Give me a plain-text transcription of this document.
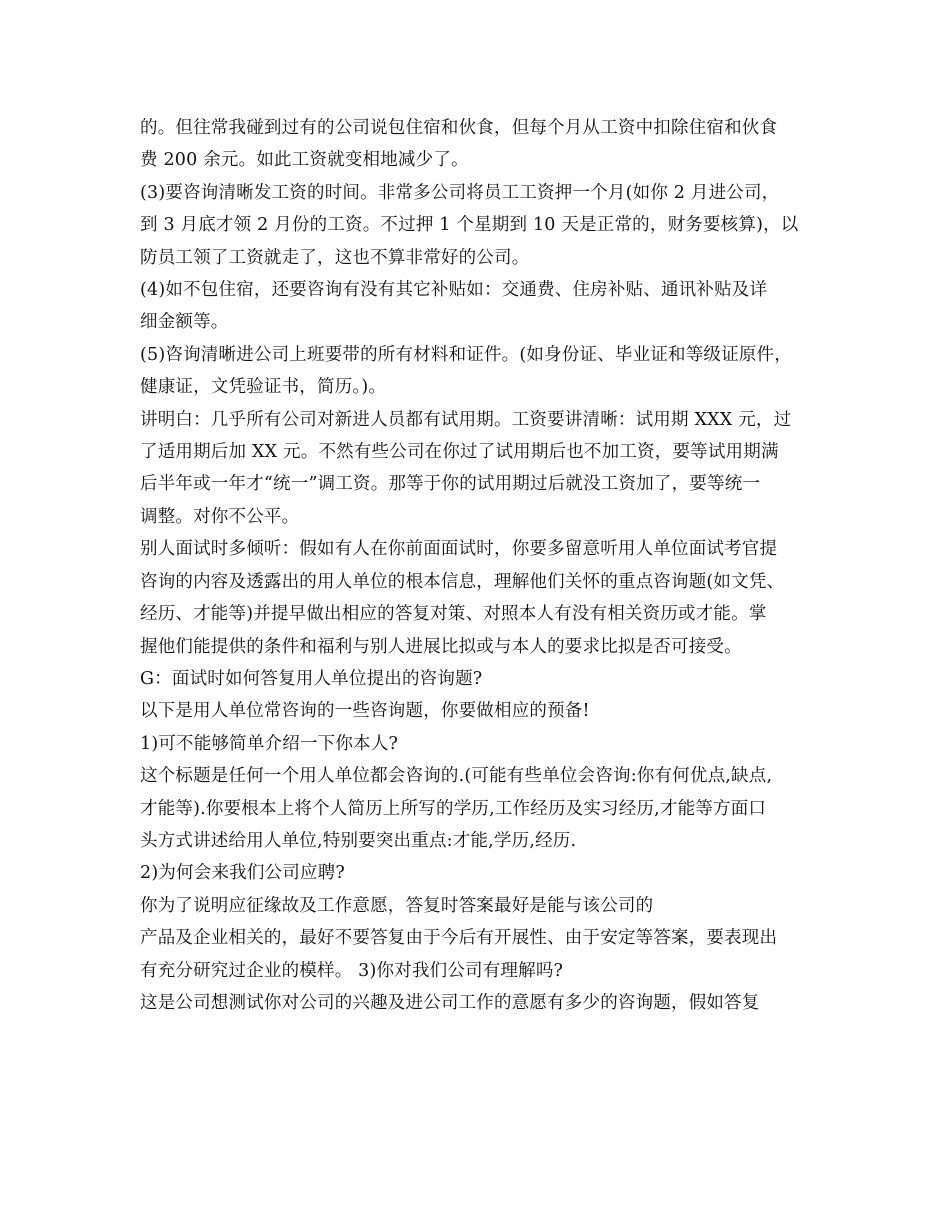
的。但往常我碰到过有的公司说包住宿和伙食，但每个月从工资中扣除住宿和伙食
费 200 余元。如此工资就变相地减少了。
(3)要咨询清晰发工资的时间。非常多公司将员工工资押一个月(如你 2 月进公司，
到 3 月底才领 2 月份的工资。不过押 1 个星期到 10 天是正常的，财务要核算)，以
防员工领了工资就走了，这也不算非常好的公司。
(4)如不包住宿，还要咨询有没有其它补贴如：交通费、住房补贴、通讯补贴及详
细金额等。
(5)咨询清晰进公司上班要带的所有材料和证件。(如身份证、毕业证和等级证原件，
健康证，文凭验证书，简历。)。
讲明白：几乎所有公司对新进人员都有试用期。工资要讲清晰：试用期 XXX 元，过
了适用期后加 XX 元。不然有些公司在你过了试用期后也不加工资，要等试用期满
后半年或一年才“统一”调工资。那等于你的试用期过后就没工资加了，要等统一
调整。对你不公平。
别人面试时多倾听：假如有人在你前面面试时，你要多留意听用人单位面试考官提
咨询的内容及透露出的用人单位的根本信息，理解他们关怀的重点咨询题(如文凭、
经历、才能等)并提早做出相应的答复对策、对照本人有没有相关资历或才能。掌
握他们能提供的条件和福利与别人进展比拟或与本人的要求比拟是否可接受。
G：面试时如何答复用人单位提出的咨询题?
以下是用人单位常咨询的一些咨询题，你要做相应的预备!
1)可不能够简单介绍一下你本人?
这个标题是任何一个用人单位都会咨询的.(可能有些单位会咨询:你有何优点,缺点,
才能等).你要根本上将个人简历上所写的学历,工作经历及实习经历,才能等方面口
头方式讲述给用人单位,特别要突出重点:才能,学历,经历.
2)为何会来我们公司应聘?
你为了说明应征缘故及工作意愿，答复时答案最好是能与该公司的
产品及企业相关的，最好不要答复由于今后有开展性、由于安定等答案，要表现出
有充分研究过企业的模样。 3)你对我们公司有理解吗?
这是公司想测试你对公司的兴趣及进公司工作的意愿有多少的咨询题，假如答复
